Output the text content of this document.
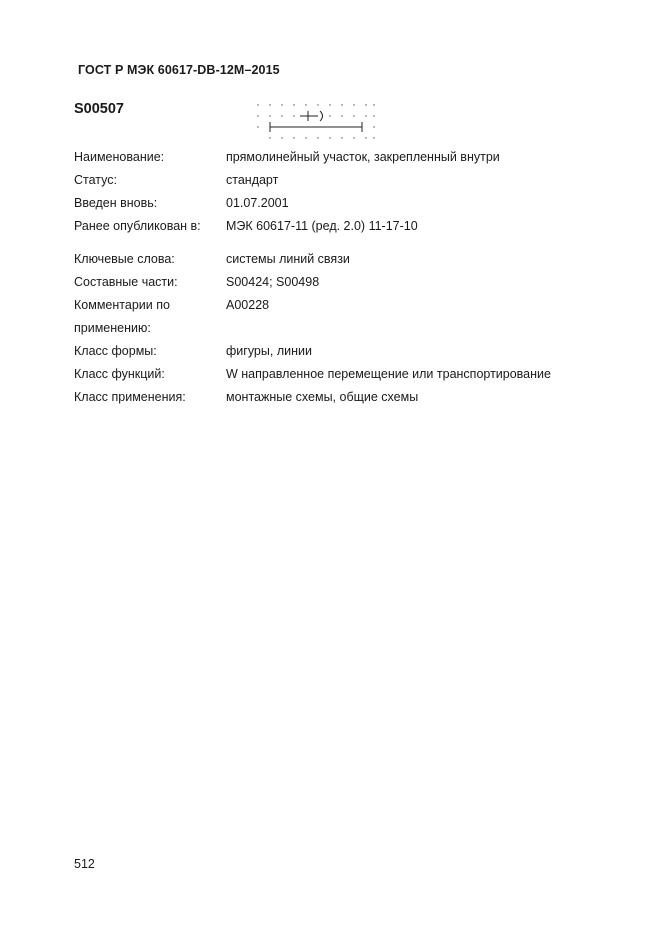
ГОСТ Р МЭК 60617-DB-12M–2015
S00507
Наименование:	прямолинейный участок, закрепленный внутри
Статус:	стандарт
Введен вновь:	01.07.2001
Ранее опубликован в: МЭК 60617-11 (ред. 2.0) 11-17-10
Ключевые слова:	системы линий связи
Составные части:	S00424; S00498
Комментарии по	A00228
применению:
Класс формы:	фигуры, линии
Класс функций:	W направленное перемещение или транспортирование
Класс применения:	монтажные схемы, общие схемы
512
